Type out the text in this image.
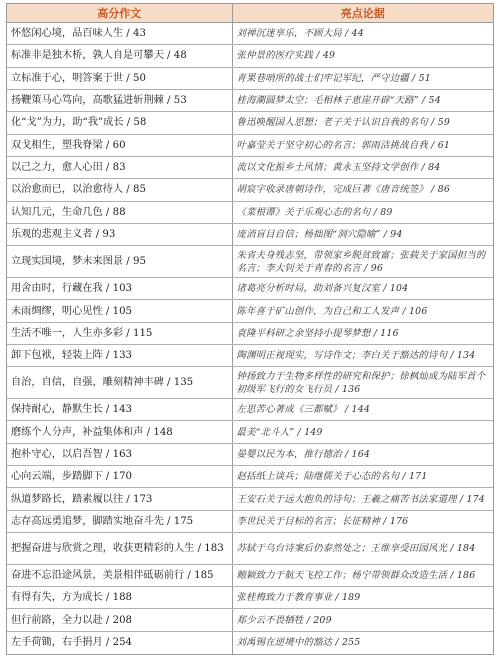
高分作文	亮点论据
怀悠闲心境，品百味人生 / 43	刘禅沉迷享乐，不顾大局 / 44
标准非是独木桥，孰人自是可攀天 / 48	张仲景的医疗实践 / 49
立标准于心，明答案于世 / 50	青果巷哨所的战士们牢记军纪，严守边疆 / 51
扬鞭策马心笃向，高歌猛进斩荆棘 / 53	桂海潮圆梦太空；毛相林子恵崖开辟“天路” / 54
化“戈”为力，助“我”成长 / 58	鲁迅唤醒国人思想；老子关于认识自我的名句 / 59
双戈相生，塑我脊梁 / 60	叶嘉莹关于坚守初心的名言；郭雨洁挑战自我 / 61
以己之力，愈人心田 / 83	流以文化振乡土风情；黄永玉坚持文学创作 / 84
以治愈而已，以治愈待人 / 85	胡宸宇收录唐朝诗作，完成巨著《唐音统签》 / 86
认知几元，生命几色 / 88	《菜根谭》关于乐观心态的名句 / 89
乐观的悲观主义者 / 93	庞消盲目自信；杨拙图“洞穴隐喻” / 94
立现实国境，梦未来图景 / 95	朱省夫身残志坚，带领家乡脱贫致富；张载关于家国担当的名言；李大钊关于青春的名言 / 96
用舍由时，行藏在我 / 103	诸葛亮分析时局，助刘备兴复汉室 / 104
未雨绸缪，明心见性 / 105	陈年喜于矿山创作，为自己和工人发声 / 106
生活不唯一，人生亦多彩 / 115	袁隆平科研之余坚持小提琴梦想 / 116
卸下包袱，轻装上阵 / 133	陶渊明正视现实，写诗作文；李白关于豁达的诗句 / 134
自治，自信，自强，雕刻精神丰碑 / 135	钟扬致力于生物多样性的研究和保护；徐枫灿成为陆军首个初级军飞行的女飞行员 / 136
保持耐心，静默生长 / 143	左思苦心著成《三都赋》 / 144
磨练个人分声，补益集体和声 / 148	最美“北斗人” / 149
抱朴守心，以启吾智 / 163	晏婴以民为本，推行德治 / 164
心向云端，步踏脚下 / 170	赵括纸上谈兵；陆继儒关于心态的名句 / 171
纵道梦路长，踏素履以往 / 173	王安石关于远大抱负的诗句；王羲之痛苦书法家道理 / 174
志存高远勇追梦，脚踏实地奋斗先 / 175	李世民关于目标的名言；长征精神 / 176
把握奋进与欣赏之理，收获更精彩的人生 / 183	苏轼于乌台诗案后仍泰然处之；王维享受田园风光 / 184
奋进不忘沿途风景，美景相伴砥砺前行 / 185	鲍颖致力于航天飞控工作；杨宁带领群众改造生活 / 186
有得有失，方为成长 / 188	张桂梅致力于教育事业 / 189
但行前路，全力以赴 / 208	郑少云不畏牺牲 / 209
左手荷锄，右手捐月 / 254	刘禹锡在逆境中的豁达 / 255
